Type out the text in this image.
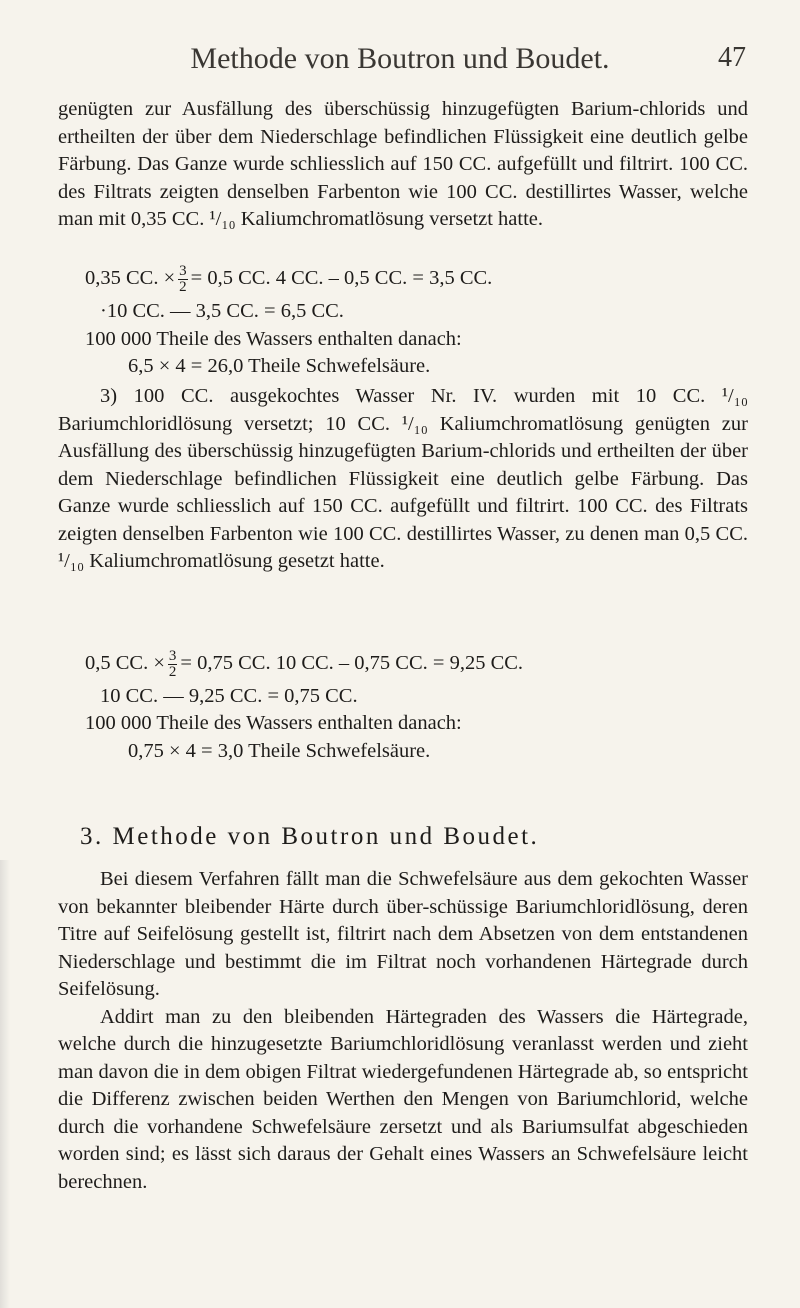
Methode von Boutron und Boudet.	47

genügten zur Ausfällung des überschüssig hinzugefügten Barium-chlorids und ertheilten der über dem Niederschlage befindlichen Flüssigkeit eine deutlich gelbe Färbung. Das Ganze wurde schliesslich auf 150 CC. aufgefüllt und filtrirt. 100 CC. des Filtrats zeigten denselben Farbenton wie 100 CC. destillirtes Wasser, welche man mit 0,35 CC. ¹/₁₀ Kaliumchromatlösung versetzt hatte.

0,35 CC. × $\frac{3}{2} = 0,5$ CC. 4 CC. – 0,5 CC. = 3,5 CC.
·10 CC. — 3,5 CC. = 6,5 CC.
100 000 Theile des Wassers enthalten danach:
6,5 × 4 = 26,0 Theile Schwefelsäure.

3) 100 CC. ausgekochtes Wasser Nr. IV. wurden mit 10 CC. ¹/₁₀ Bariumchloridlösung versetzt; 10 CC. ¹/₁₀ Kaliumchromatlösung genügten zur Ausfällung des überschüssig hinzugefügten Barium-chlorids und ertheilten der über dem Niederschlage befindlichen Flüssigkeit eine deutlich gelbe Färbung. Das Ganze wurde schliesslich auf 150 CC. aufgefüllt und filtrirt. 100 CC. des Filtrats zeigten denselben Farbenton wie 100 CC. destillirtes Wasser, zu denen man 0,5 CC. ¹/₁₀ Kaliumchromatlösung gesetzt hatte.

0,5 CC. × $\frac{3}{2} = 0,75$ CC. 10 CC. – 0,75 CC. = 9,25 CC.
10 CC. — 9,25 CC. = 0,75 CC.
100 000 Theile des Wassers enthalten danach:
0,75 × 4 = 3,0 Theile Schwefelsäure.
3. Methode von Boutron und Boudet.

Bei diesem Verfahren fällt man die Schwefelsäure aus dem gekochten Wasser von bekannter bleibender Härte durch über-schüssige Bariumchloridlösung, deren Titre auf Seifelösung gestellt ist, filtrirt nach dem Absetzen von dem entstandenen Niederschlage und bestimmt die im Filtrat noch vorhandenen Härtegrade durch Seifelösung.

Addirt man zu den bleibenden Härtegraden des Wassers die Härtegrade, welche durch die hinzugesetzte Bariumchloridlösung veranlasst werden und zieht man davon die in dem obigen Filtrat wiedergefundenen Härtegrade ab, so entspricht die Differenz zwischen beiden Werthen den Mengen von Bariumchlorid, welche durch die vorhandene Schwefelsäure zersetzt und als Bariumsulfat abgeschieden worden sind; es lässt sich daraus der Gehalt eines Wassers an Schwefelsäure leicht berechnen.
